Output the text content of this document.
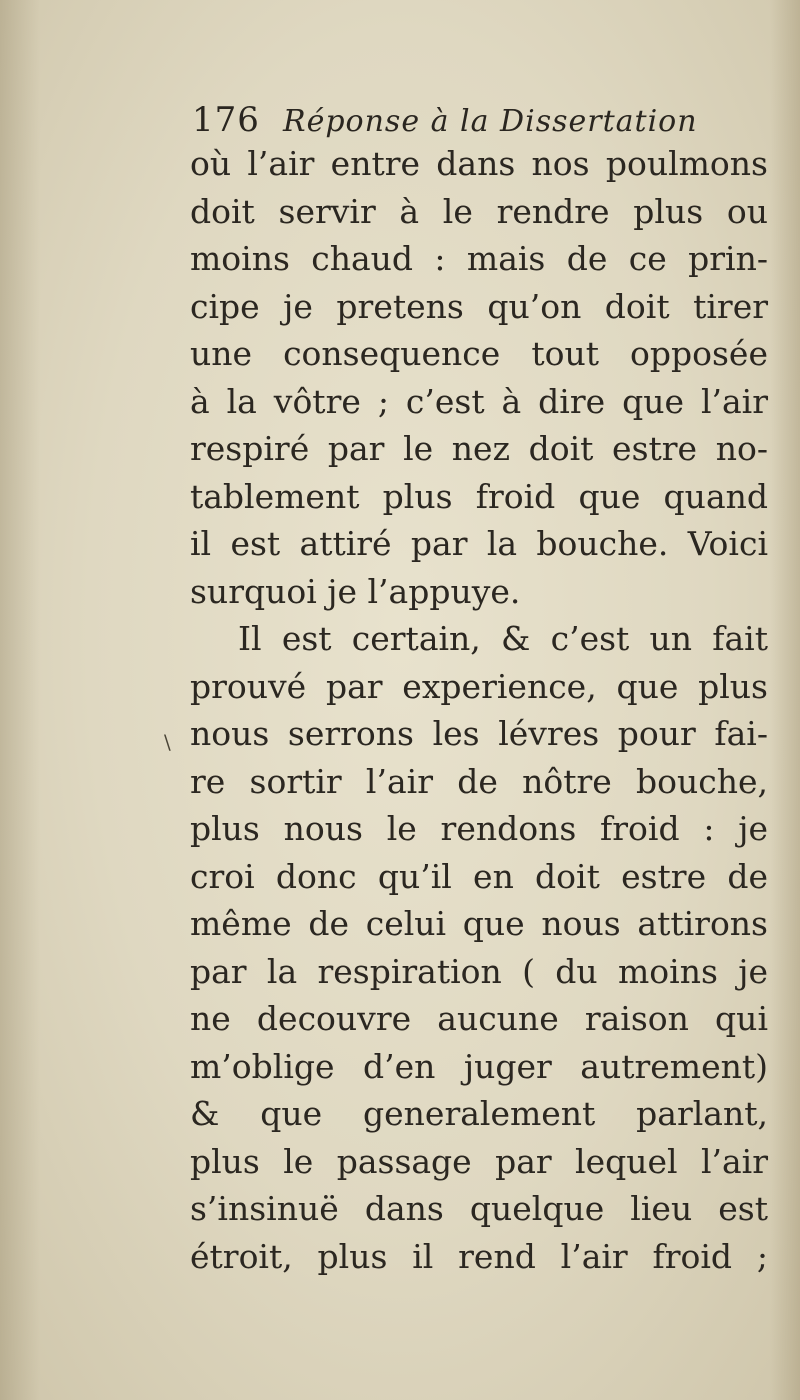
176 Réponse à la Dissertation
\
où l’air entre dans nos poulmons
doit servir à le rendre plus ou
moins chaud : mais de ce prin-
cipe je pretens qu’on doit tirer
une consequence tout opposée
à la vôtre ; c’est à dire que l’air
respiré par le nez doit estre no-
tablement plus froid que quand
il est attiré par la bouche. Voici
surquoi je l’appuye.
Il est certain, & c’est un fait
prouvé par experience, que plus
nous serrons les lévres pour fai-
re sortir l’air de nôtre bouche,
plus nous le rendons froid : je
croi donc qu’il en doit estre de
même de celui que nous attirons
par la respiration ( du moins je
ne decouvre aucune raison qui
m’oblige d’en juger autrement)
& que generalement parlant,
plus le passage par lequel l’air
s’insinuë dans quelque lieu est
étroit, plus il rend l’air froid ;
